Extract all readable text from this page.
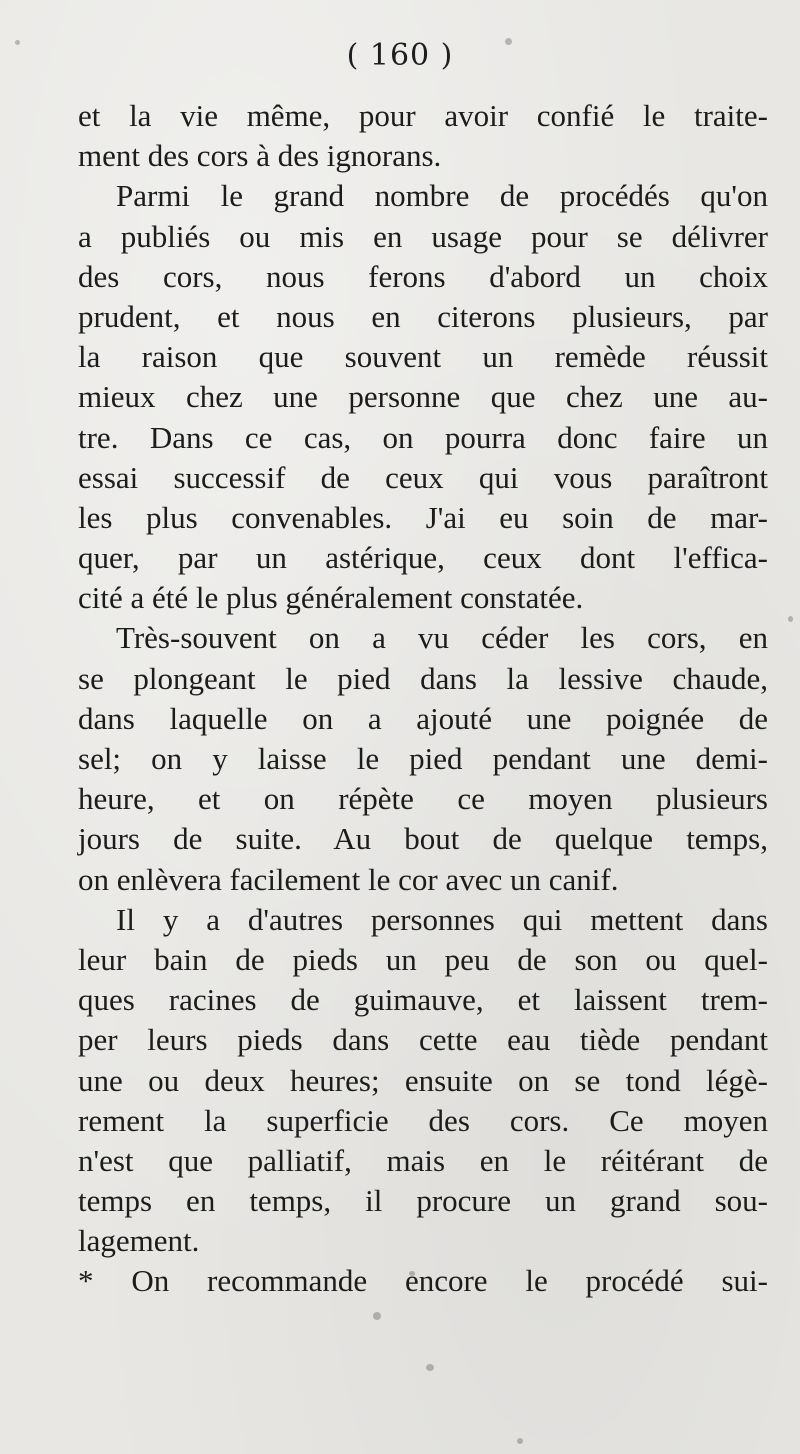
( 160 )
et la vie même, pour avoir confié le traite-
ment des cors à des ignorans.
Parmi le grand nombre de procédés qu'on
a publiés ou mis en usage pour se délivrer
des cors, nous ferons d'abord un choix
prudent, et nous en citerons plusieurs, par
la raison que souvent un remède réussit
mieux chez une personne que chez une au-
tre. Dans ce cas, on pourra donc faire un
essai successif de ceux qui vous paraîtront
les plus convenables. J'ai eu soin de mar-
quer, par un astérique, ceux dont l'effica-
cité a été le plus généralement constatée.
Très-souvent on a vu céder les cors, en
se plongeant le pied dans la lessive chaude,
dans laquelle on a ajouté une poignée de
sel; on y laisse le pied pendant une demi-
heure, et on répète ce moyen plusieurs
jours de suite. Au bout de quelque temps,
on enlèvera facilement le cor avec un canif.
Il y a d'autres personnes qui mettent dans
leur bain de pieds un peu de son ou quel-
ques racines de guimauve, et laissent trem-
per leurs pieds dans cette eau tiède pendant
une ou deux heures; ensuite on se tond légè-
rement la superficie des cors. Ce moyen
n'est que palliatif, mais en le réitérant de
temps en temps, il procure un grand sou-
lagement.
* On recommande encore le procédé sui-
